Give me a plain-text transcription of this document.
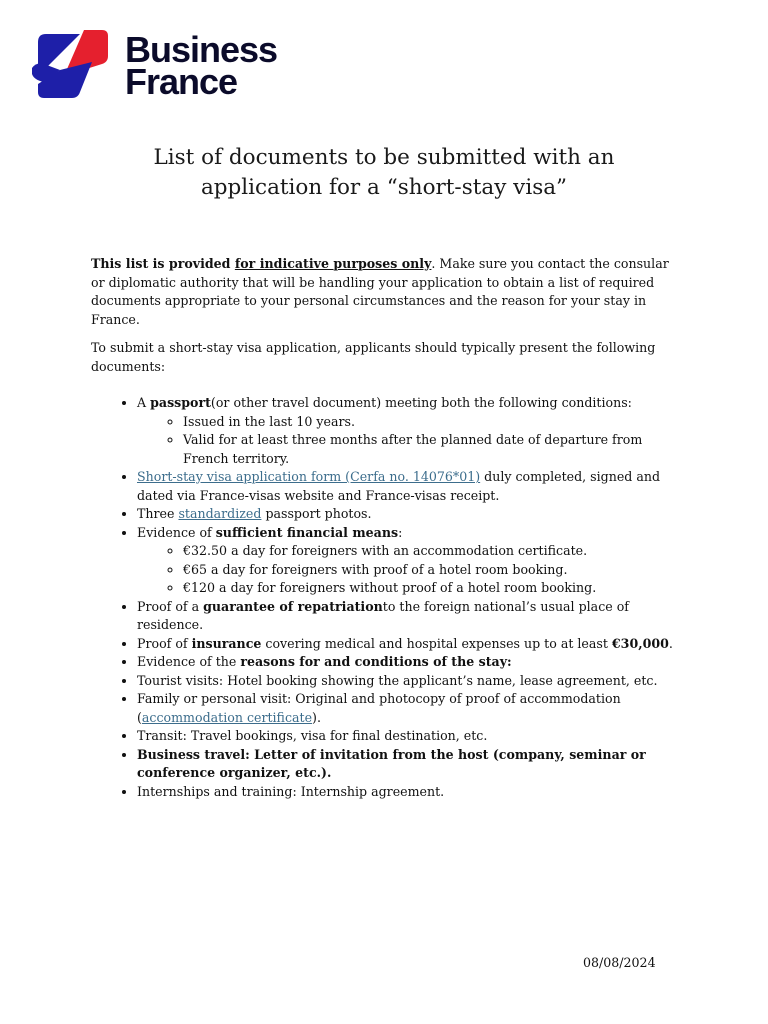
Business
France
List of documents to be submitted with an
application for a “short-stay visa”

This list is provided for indicative purposes only. Make sure you contact the consular or diplomatic authority that will be handling your application to obtain a list of required documents appropriate to your personal circumstances and the reason for your stay in France.

To submit a short-stay visa application, applicants should typically present the following documents:

• A passport(or other travel document) meeting both the following conditions:
◦ Issued in the last 10 years.
◦ Valid for at least three months after the planned date of departure from French territory.
• Short-stay visa application form (Cerfa no. 14076*01) duly completed, signed and dated via France-visas website and France-visas receipt.
• Three standardized passport photos.
• Evidence of sufficient financial means:
◦ €32.50 a day for foreigners with an accommodation certificate.
◦ €65 a day for foreigners with proof of a hotel room booking.
◦ €120 a day for foreigners without proof of a hotel room booking.
• Proof of a guarantee of repatriationto the foreign national’s usual place of residence.
• Proof of insurance covering medical and hospital expenses up to at least €30,000.
• Evidence of the reasons for and conditions of the stay:
• Tourist visits: Hotel booking showing the applicant’s name, lease agreement, etc.
• Family or personal visit: Original and photocopy of proof of accommodation (accommodation certificate).
• Transit: Travel bookings, visa for final destination, etc.
• Business travel: Letter of invitation from the host (company, seminar or conference organizer, etc.).
• Internships and training: Internship agreement.
08/08/2024
